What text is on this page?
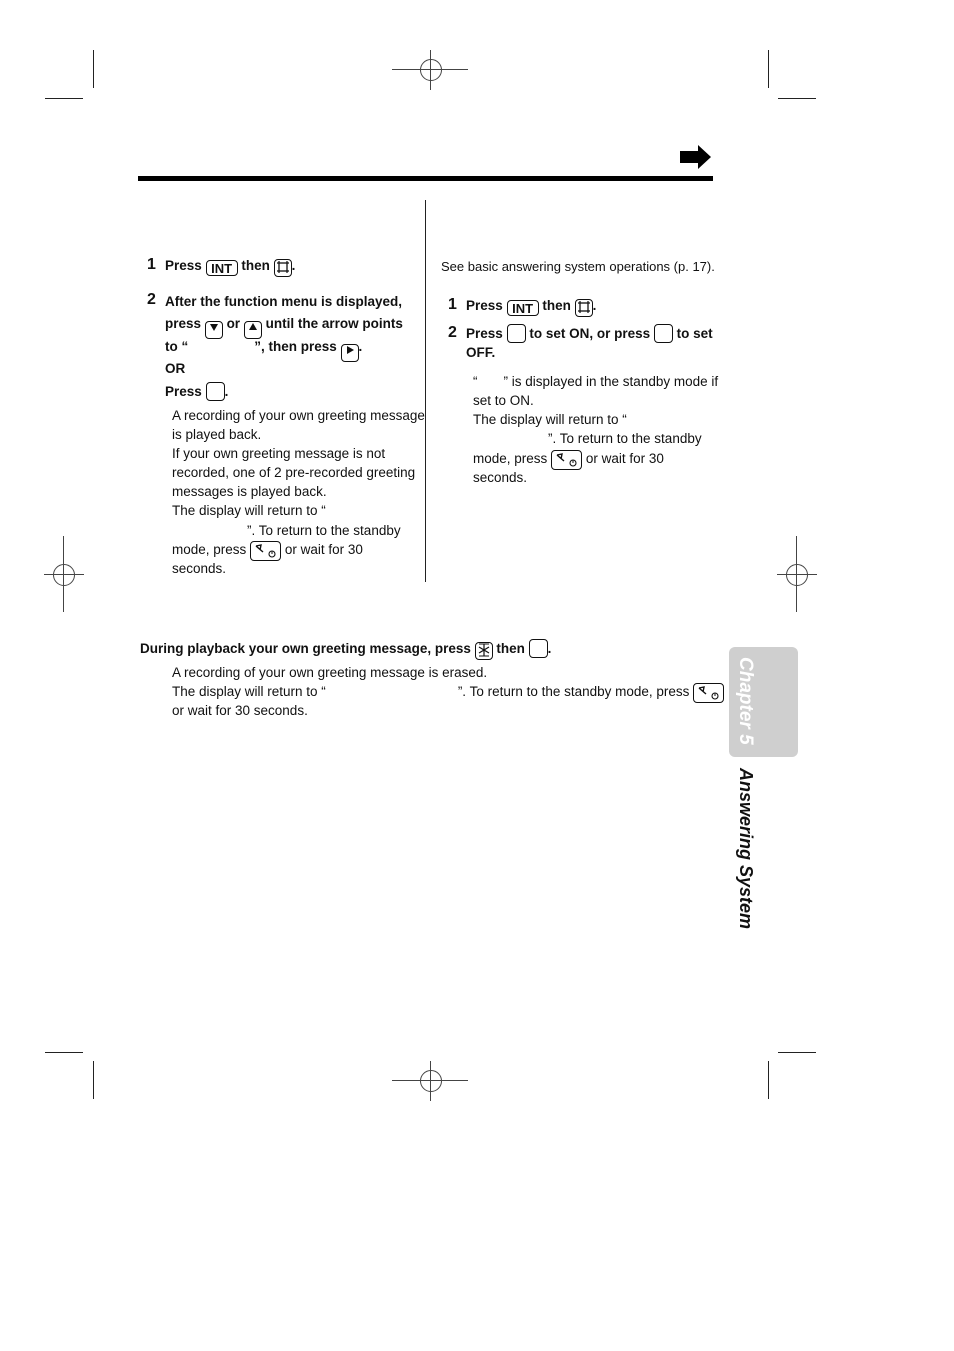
1 Press INT then .
2 After the function menu is displayed,
press or until the arrow points
to “	”, then press .
OR
Press .
A recording of your own greeting message
is played back.
If your own greeting message is not
recorded, one of 2 pre-recorded greeting
messages is played back.
The display will return to “
”. To return to the standby
mode, press	or wait for 30
seconds.
See basic answering system operations (p. 17).
1 Press INT then .
2 Press to set ON, or press to set
OFF.
“ ” is displayed in the standby mode if
set to ON.
The display will return to “
”. To return to the standby
mode, press	or wait for 30
seconds.
During playback your own greeting message, press then .
A recording of your own greeting message is erased.
The display will return to “	”. To return to the standby mode, press
or wait for 30 seconds.	Chapter 5
Answering System
